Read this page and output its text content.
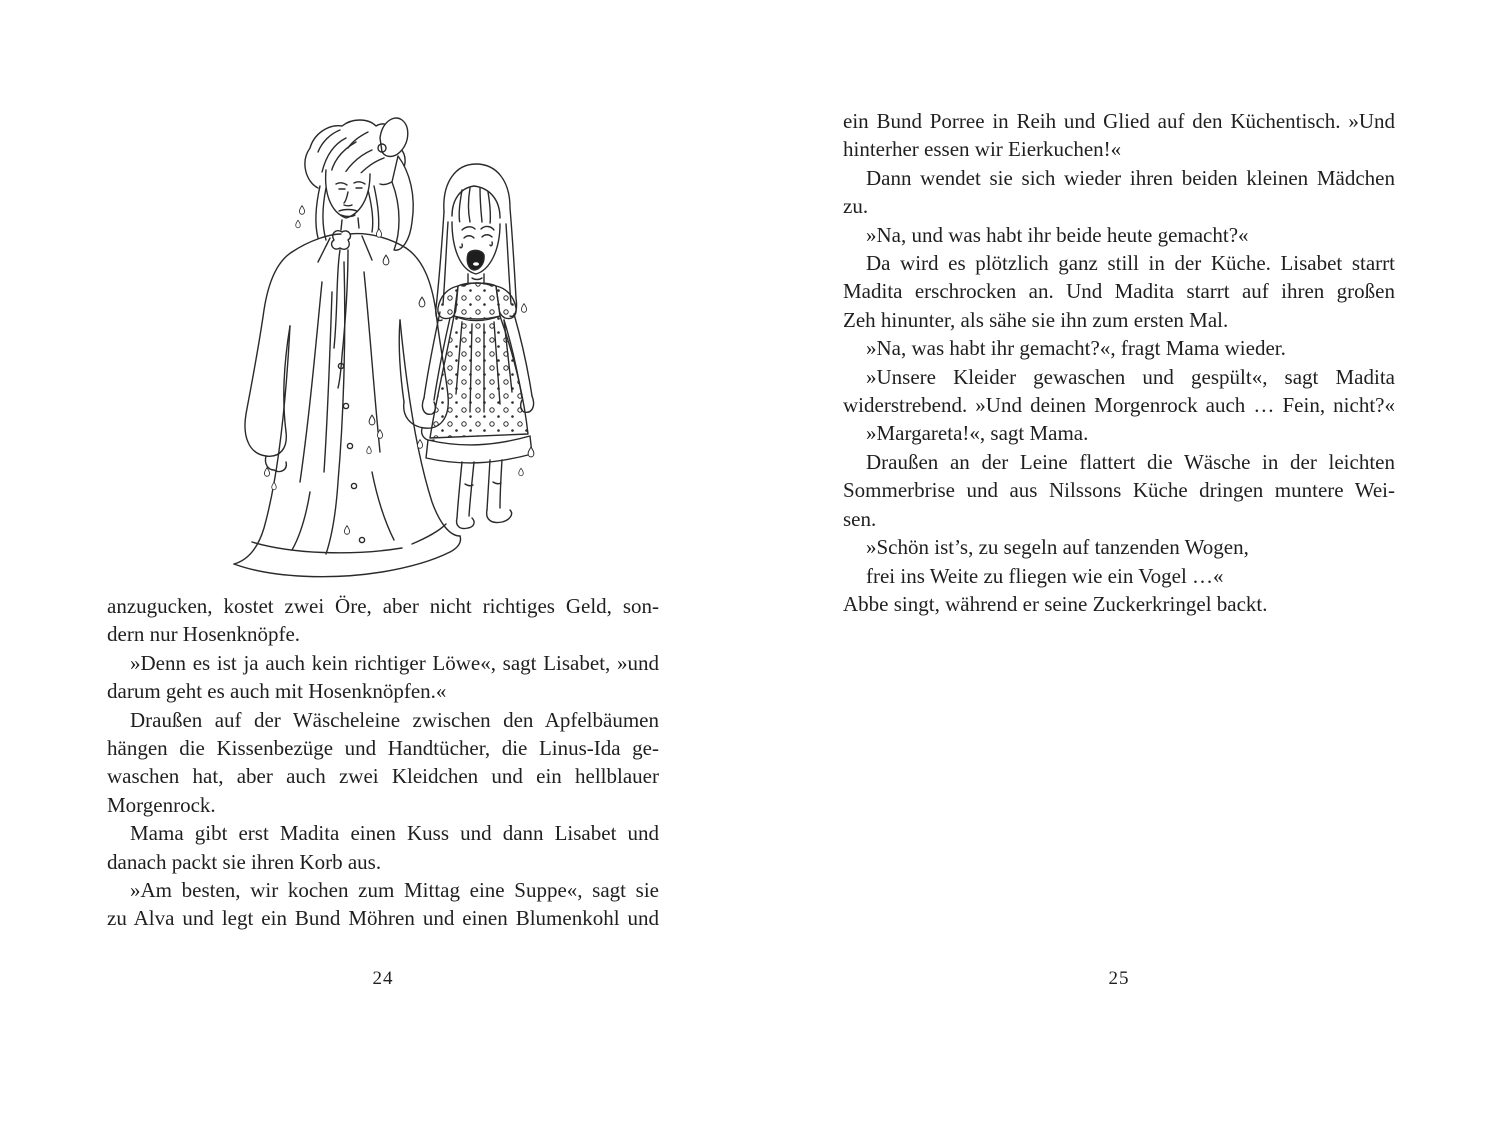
anzugucken, kostet zwei Öre, aber nicht richtiges Geld, son-
dern nur Hosenknöpfe.
»Denn es ist ja auch kein richtiger Löwe«, sagt Lisabet, »und
darum geht es auch mit Hosenknöpfen.«
Draußen auf der Wäscheleine zwischen den Apfelbäumen
hängen die Kissenbezüge und Handtücher, die Linus-Ida ge-
waschen hat, aber auch zwei Kleidchen und ein hellblauer
Morgenrock.
Mama gibt erst Madita einen Kuss und dann Lisabet und
danach packt sie ihren Korb aus.
»Am besten, wir kochen zum Mittag eine Suppe«, sagt sie
zu Alva und legt ein Bund Möhren und einen Blumenkohl und
24
ein Bund Porree in Reih und Glied auf den Küchentisch. »Und
hinterher essen wir Eierkuchen!«
Dann wendet sie sich wieder ihren beiden kleinen Mädchen
zu.
»Na, und was habt ihr beide heute gemacht?«
Da wird es plötzlich ganz still in der Küche. Lisabet starrt
Madita erschrocken an. Und Madita starrt auf ihren großen
Zeh hinunter, als sähe sie ihn zum ersten Mal.
»Na, was habt ihr gemacht?«, fragt Mama wieder.
»Unsere Kleider gewaschen und gespült«, sagt Madita
widerstrebend. »Und deinen Morgenrock auch … Fein, nicht?«
»Margareta!«, sagt Mama.
Draußen an der Leine flattert die Wäsche in der leichten
Sommerbrise und aus Nilssons Küche dringen muntere Wei-
sen.
»Schön ist’s, zu segeln auf tanzenden Wogen,
frei ins Weite zu fliegen wie ein Vogel …«
Abbe singt, während er seine Zuckerkringel backt.
25
